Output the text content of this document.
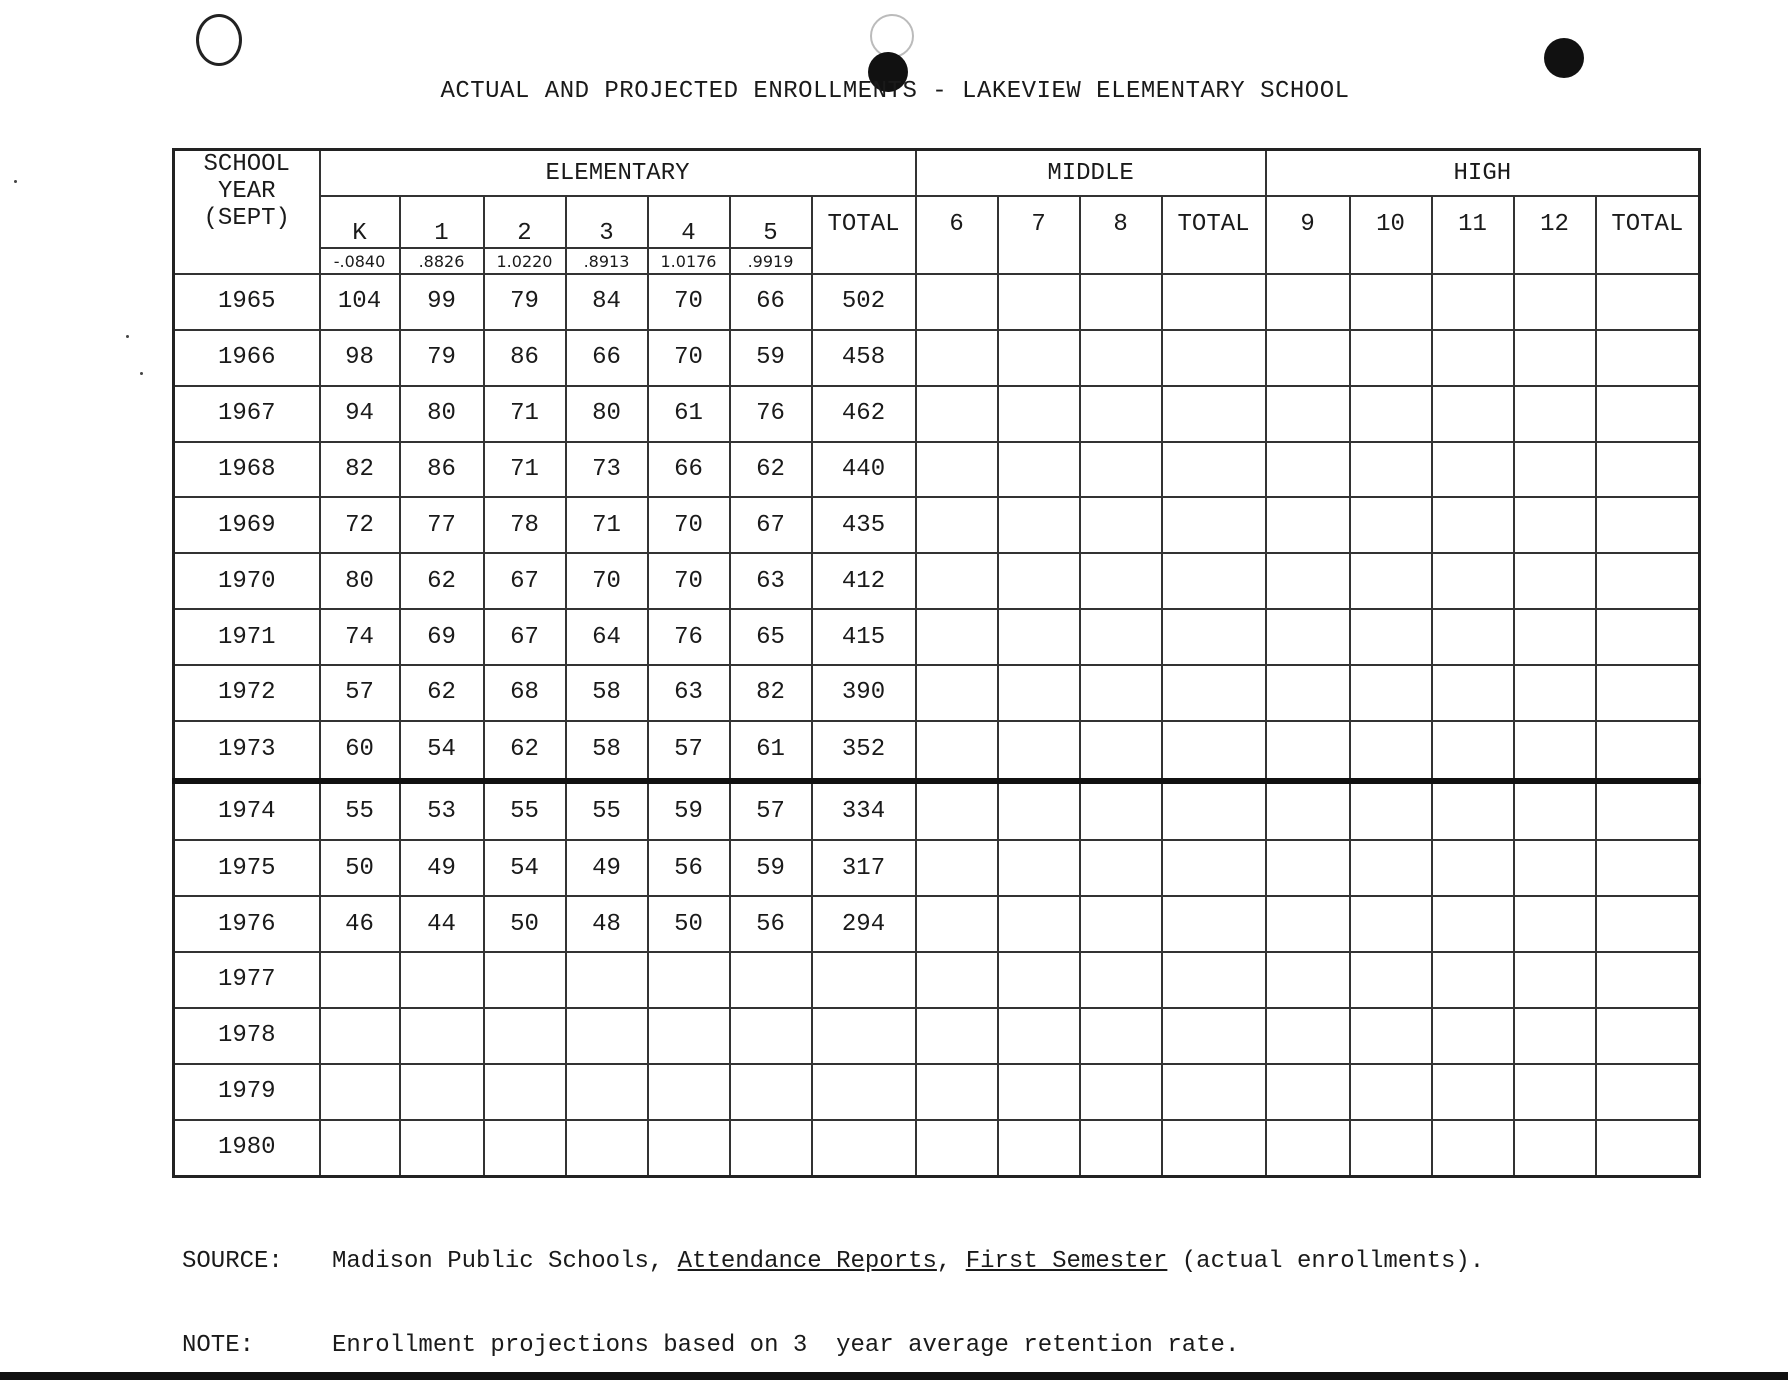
ACTUAL AND PROJECTED ENROLLMENTS - LAKEVIEW ELEMENTARY SCHOOL
SCHOOL
YEAR
(SEPT)	ELEMENTARY							MIDDLE				HIGH				
	K	1	2	3	4	5	TOTAL	6	7	8	TOTAL	9	10	11	12	TOTAL
	-.0840	.8826	1.0220	.8913	1.0176	.9919										
1965	104	99	79	84	70	66	502									
1966	98	79	86	66	70	59	458									
1967	94	80	71	80	61	76	462									
1968	82	86	71	73	66	62	440									
1969	72	77	78	71	70	67	435									
1970	80	62	67	70	70	63	412									
1971	74	69	67	64	76	65	415									
1972	57	62	68	58	63	82	390									
1973	60	54	62	58	57	61	352									
1974	55	53	55	55	59	57	334									
1975	50	49	54	49	56	59	317									
1976	46	44	50	48	50	56	294									
1977																
1978																
1979																
1980																

SOURCE:	Madison Public Schools, Attendance Reports , First Semester (actual enrollments).

NOTE:	Enrollment projections based on 3  year average retention rate.
